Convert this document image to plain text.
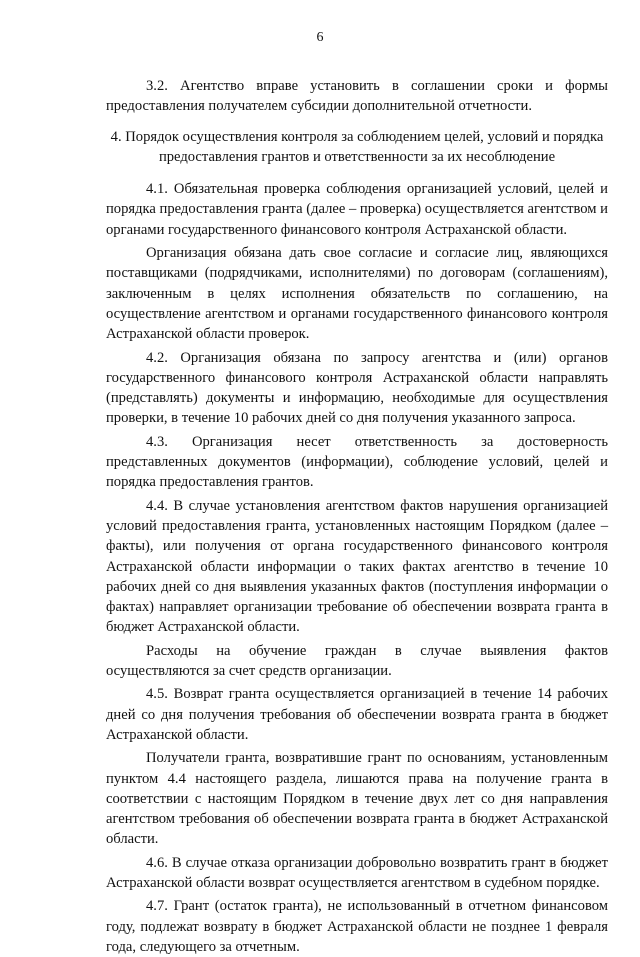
6

3.2. Агентство вправе установить в соглашении сроки и формы предоставления получателем субсидии дополнительной отчетности.

4. Порядок осуществления контроля за соблюдением целей, условий и порядка предоставления грантов и ответственности за их несоблюдение

4.1. Обязательная проверка соблюдения организацией условий, целей и порядка предоставления гранта (далее – проверка) осуществляется агентством и органами государственного финансового контроля Астраханской области.

Организация обязана дать свое согласие и согласие лиц, являющихся поставщиками (подрядчиками, исполнителями) по договорам (соглашениям), заключенным в целях исполнения обязательств по соглашению, на осуществление агентством и органами государственного финансового контроля Астраханской области проверок.

4.2. Организация обязана по запросу агентства и (или) органов государственного финансового контроля Астраханской области направлять (представлять) документы и информацию, необходимые для осуществления проверки, в течение 10 рабочих дней со дня получения указанного запроса.

4.3. Организация несет ответственность за достоверность представленных документов (информации), соблюдение условий, целей и порядка предоставления грантов.

4.4. В случае установления агентством фактов нарушения организацией условий предоставления гранта, установленных настоящим Порядком (далее – факты), или получения от органа государственного финансового контроля Астраханской области информации о таких фактах агентство в течение 10 рабочих дней со дня выявления указанных фактов (поступления информации о фактах) направляет организации требование об обеспечении возврата гранта в бюджет Астраханской области.

Расходы на обучение граждан в случае выявления фактов осуществляются за счет средств организации.

4.5. Возврат гранта осуществляется организацией в течение 14 рабочих дней со дня получения требования об обеспечении возврата гранта в бюджет Астраханской области.

Получатели гранта, возвратившие грант по основаниям, установленным пунктом 4.4 настоящего раздела, лишаются права на получение гранта в соответствии с настоящим Порядком в течение двух лет со дня направления агентством требования об обеспечении возврата гранта в бюджет Астраханской области.

4.6. В случае отказа организации добровольно возвратить грант в бюджет Астраханской области возврат осуществляется агентством в судебном порядке.

4.7. Грант (остаток гранта), не использованный в отчетном финансовом году, подлежат возврату в бюджет Астраханской области не позднее 1 февраля года, следующего за отчетным.
